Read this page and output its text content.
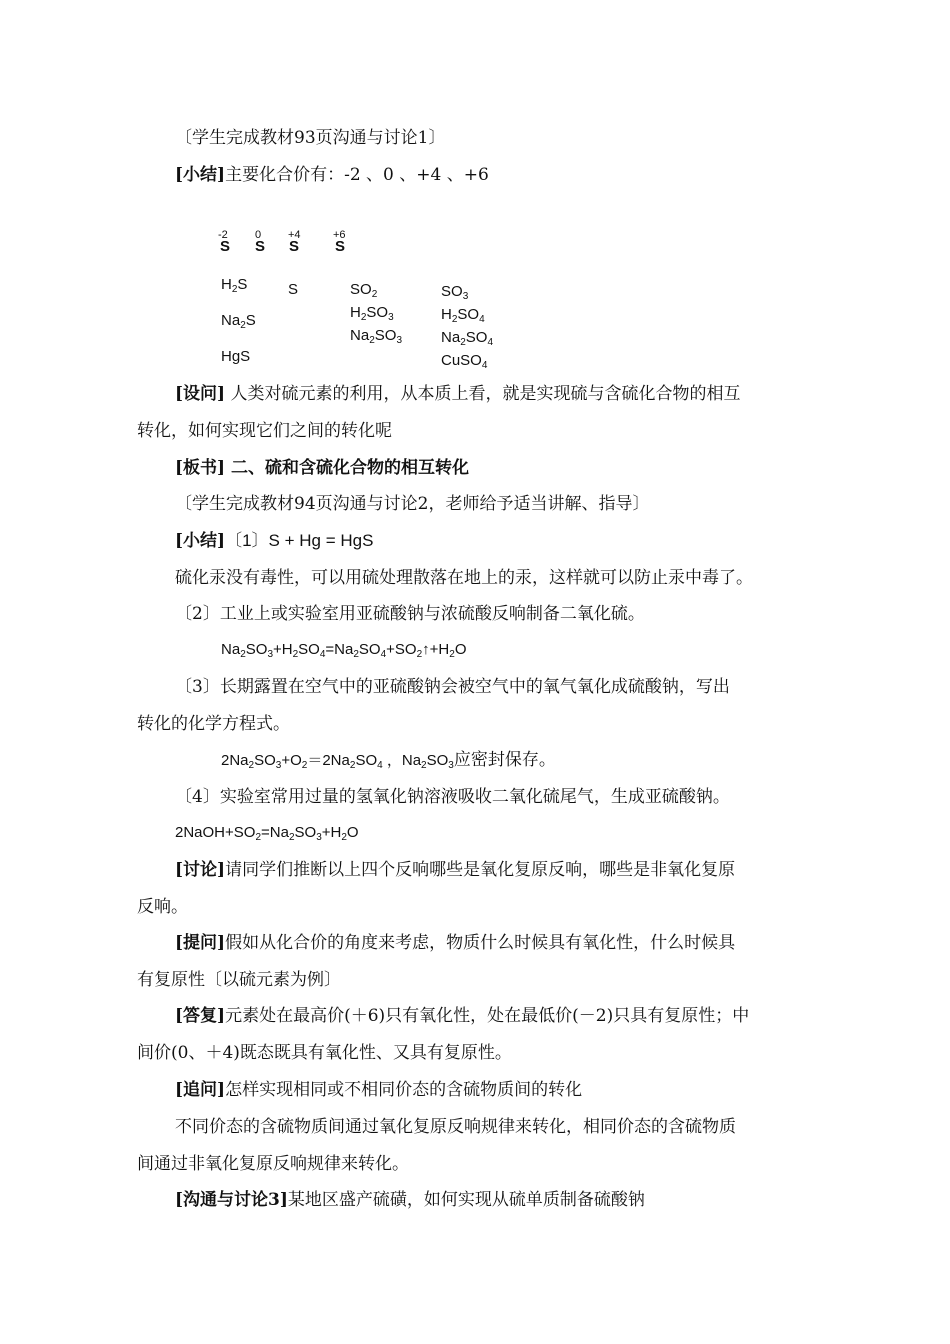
〔学生完成教材93页沟通与讨论1〕
[小结]主要化合价有：-2 、0 、+4 、+6
-2 0 +4	+6
S S S S
$H_2S$
$Na_2S$
HgS
S	$SO_2$
$H_2SO_3$
$Na_2SO_3$
$SO_3$
$H_2SO_4$
$Na_2SO_4$
CuSO$_4$
[设问] 人类对硫元素的利用，从本质上看，就是实现硫与含硫化合物的相互
转化，如何实现它们之间的转化呢
[板书] 二、硫和含硫化合物的相互转化
〔学生完成教材94页沟通与讨论2，老师给予适当讲解、指导〕
[小结]〔1〕S + Hg = HgS
硫化汞没有毒性，可以用硫处理散落在地上的汞，这样就可以防止汞中毒了。
〔2〕工业上或实验室用亚硫酸钠与浓硫酸反响制备二氧化硫。
$Na_2SO_3+H_2SO_4=Na_2SO_4+SO_2↑+H_2O$
〔3〕长期露置在空气中的亚硫酸钠会被空气中的氧气氧化成硫酸钠，写出
转化的化学方程式。
$2Na_2SO_3+O_2=2Na_2SO_4$ ，$Na_2SO_3$应密封保存。
〔4〕实验室常用过量的氢氧化钠溶液吸收二氧化硫尾气，生成亚硫酸钠。
$2NaOH+SO_2=Na_2SO_3+H_2O$
[讨论]请同学们推断以上四个反响哪些是氧化复原反响，哪些是非氧化复原
反响。
[提问]假如从化合价的角度来考虑，物质什么时候具有氧化性，什么时候具
有复原性〔以硫元素为例〕
[答复]元素处在最高价(＋6)只有氧化性，处在最低价(－2)只具有复原性；中
间价(0、＋4)既态既具有氧化性、又具有复原性。
[追问]怎样实现相同或不相同价态的含硫物质间的转化
不同价态的含硫物质间通过氧化复原反响规律来转化，相同价态的含硫物质
间通过非氧化复原反响规律来转化。
[沟通与讨论3]某地区盛产硫磺，如何实现从硫单质制备硫酸钠
